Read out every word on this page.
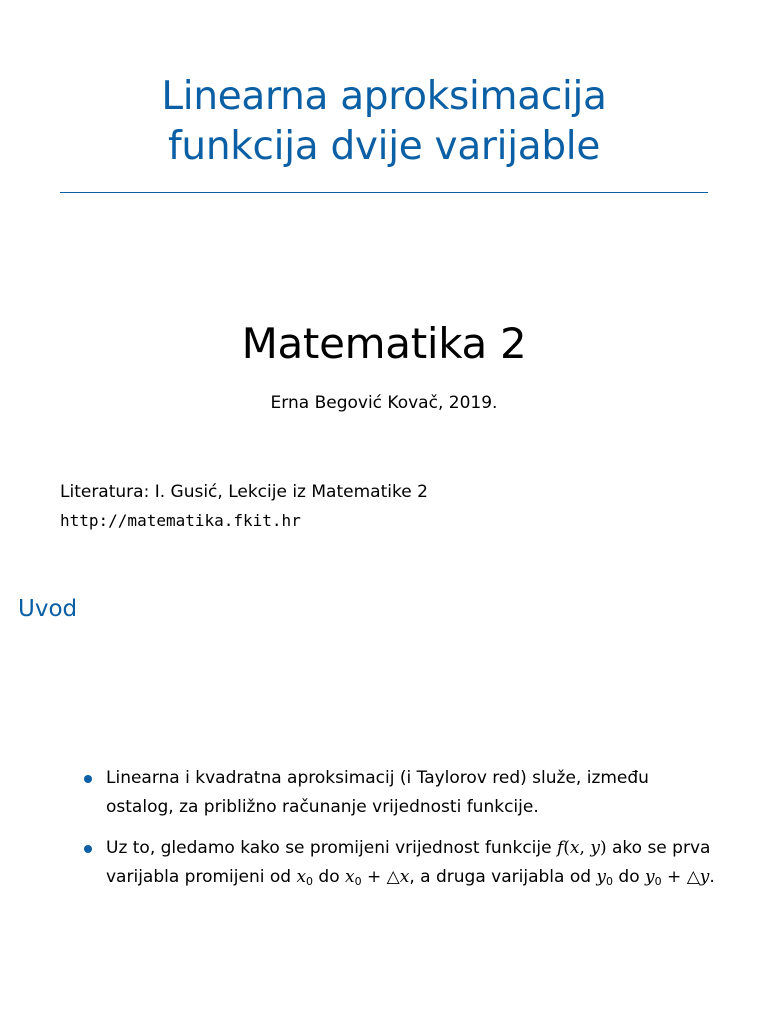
Linearna aproksimacija
funkcija dvije varijable
Matematika 2
Erna Begović Kovač, 2019.
Literatura: I. Gusić, Lekcije iz Matematike 2
http://matematika.fkit.hr
Uvod
Linearna i kvadratna aproksimacij (i Taylorov red) služe, između ostalog, za približno računanje vrijednosti funkcije.
Uz to, gledamo kako se promijeni vrijednost funkcije f(x, y) ako se prva varijabla promijeni od $x_0$ do $x_0$ + △x, a druga varijabla od $y_0$ do $y_0$ + △y.
